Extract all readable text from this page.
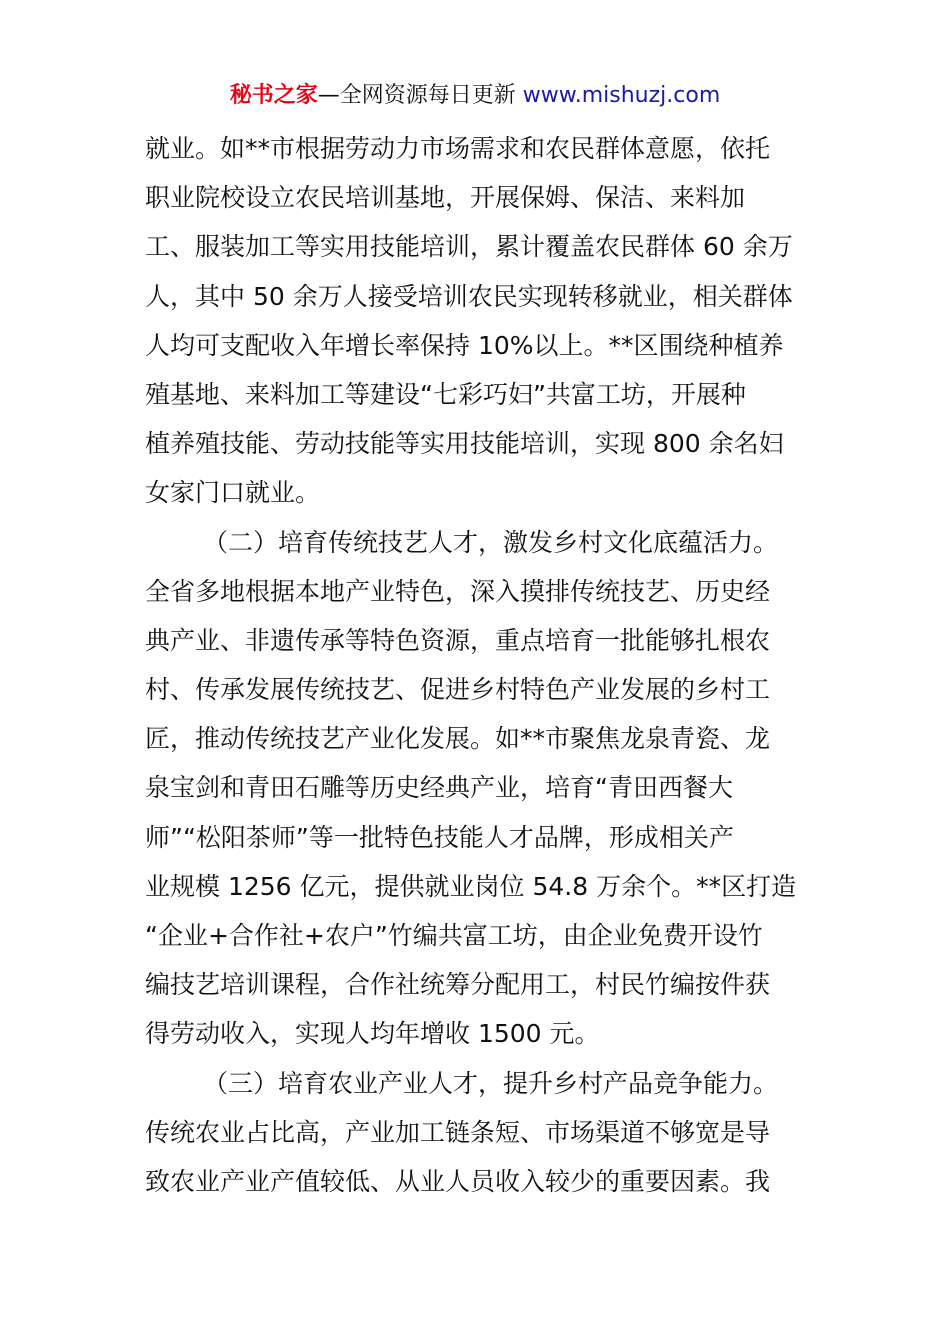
秘书之家—全网资源每日更新 www.mishuzj.com
就业。如**市根据劳动力市场需求和农民群体意愿，依托
职业院校设立农民培训基地，开展保姆、保洁、来料加
工、服装加工等实用技能培训，累计覆盖农民群体 60 余万
人，其中 50 余万人接受培训农民实现转移就业，相关群体
人均可支配收入年增长率保持 10%以上。**区围绕种植养
殖基地、来料加工等建设“七彩巧妇”共富工坊，开展种
植养殖技能、劳动技能等实用技能培训，实现 800 余名妇
女家门口就业。
（二）培育传统技艺人才，激发乡村文化底蕴活力。
全省多地根据本地产业特色，深入摸排传统技艺、历史经
典产业、非遗传承等特色资源，重点培育一批能够扎根农
村、传承发展传统技艺、促进乡村特色产业发展的乡村工
匠，推动传统技艺产业化发展。如**市聚焦龙泉青瓷、龙
泉宝剑和青田石雕等历史经典产业，培育“青田西餐大
师”“松阳茶师”等一批特色技能人才品牌，形成相关产
业规模 1256 亿元，提供就业岗位 54.8 万余个。**区打造
“企业+合作社+农户”竹编共富工坊，由企业免费开设竹
编技艺培训课程，合作社统筹分配用工，村民竹编按件获
得劳动收入，实现人均年增收 1500 元。
（三）培育农业产业人才，提升乡村产品竞争能力。
传统农业占比高，产业加工链条短、市场渠道不够宽是导
致农业产业产值较低、从业人员收入较少的重要因素。我
